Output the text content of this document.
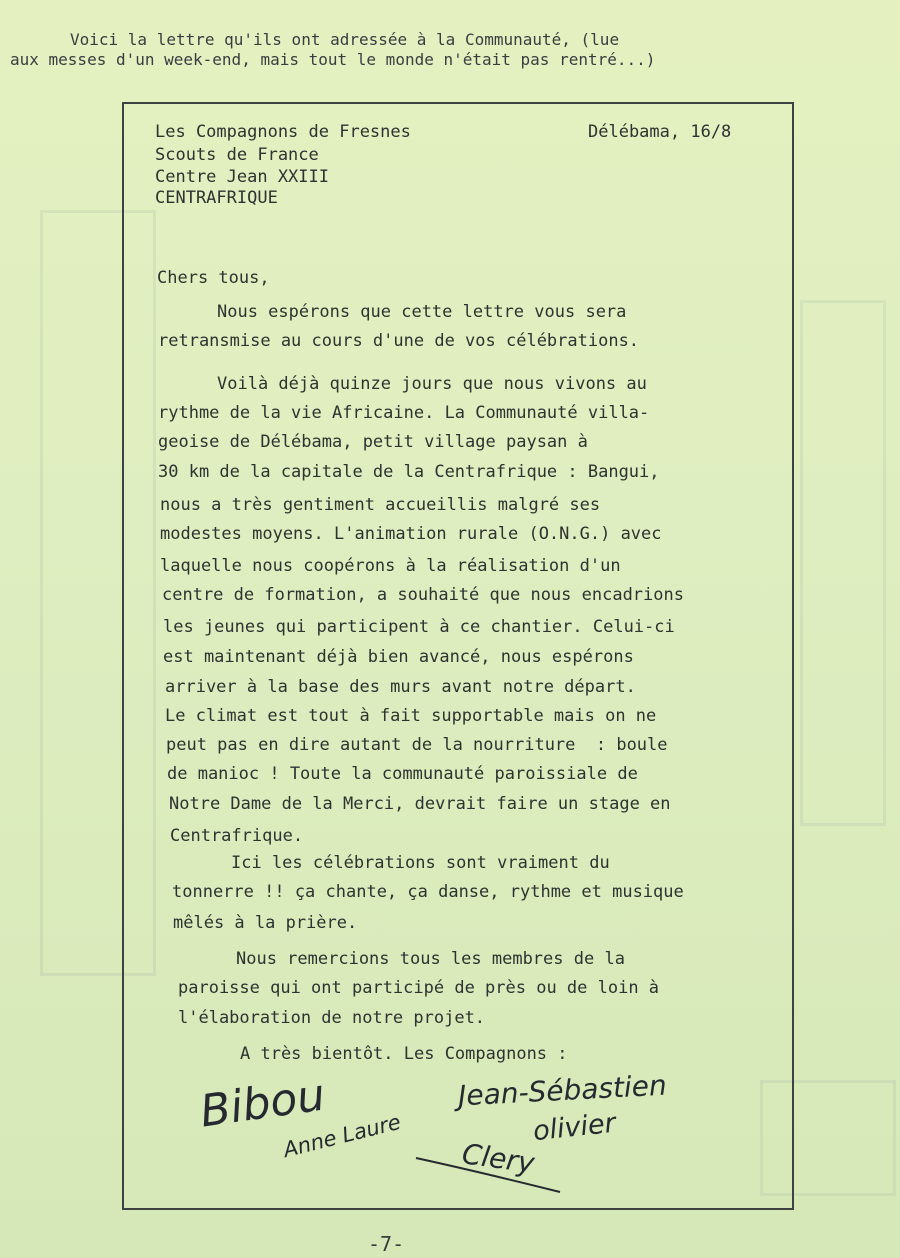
Voici la lettre qu'ils ont adressée à la Communauté, (lue
aux messes d'un week-end, mais tout le monde n'était pas rentré...)
Les Compagnons de Fresnes
Scouts de France
Centre Jean XXIII
CENTRAFRIQUE
Délébama, 16/8
Chers tous,
Nous espérons que cette lettre vous sera
retransmise au cours d'une de vos célébrations.
Voilà déjà quinze jours que nous vivons au
rythme de la vie Africaine. La Communauté villa-
geoise de Délébama, petit village paysan à
30 km de la capitale de la Centrafrique : Bangui,
nous a très gentiment accueillis malgré ses
modestes moyens. L'animation rurale (O.N.G.) avec
laquelle nous coopérons à la réalisation d'un
centre de formation, a souhaité que nous encadrions
les jeunes qui participent à ce chantier. Celui-ci
est maintenant déjà bien avancé, nous espérons
arriver à la base des murs avant notre départ.
Le climat est tout à fait supportable mais on ne
peut pas en dire autant de la nourriture  : boule
de manioc ! Toute la communauté paroissiale de
Notre Dame de la Merci, devrait faire un stage en
Centrafrique.
Ici les célébrations sont vraiment du
tonnerre !! ça chante, ça danse, rythme et musique
mêlés à la prière.
Nous remercions tous les membres de la
paroisse qui ont participé de près ou de loin à
l'élaboration de notre projet.
A très bientôt. Les Compagnons :
Bibou	Jean-Sébastien
Anne Laure	olivier
Clery
-7-
